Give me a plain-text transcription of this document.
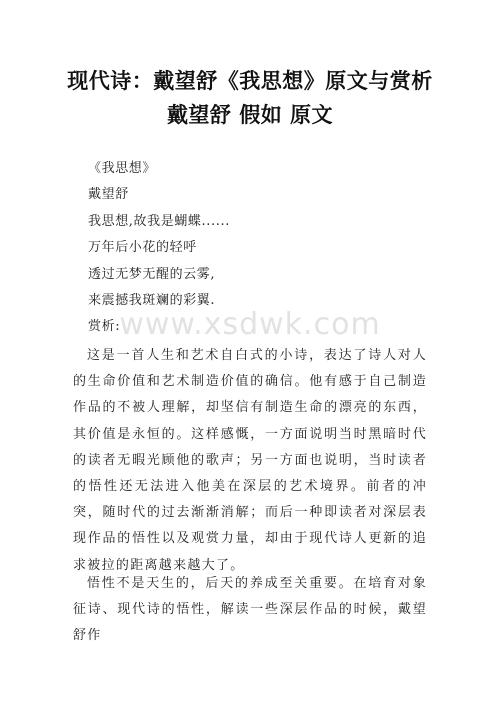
现代诗：戴望舒《我思想》原文与赏析 戴望舒 假如 原文
《我思想》
戴望舒
我思想,故我是蝴蝶......
万年后小花的轻呼
透过无梦无醒的云雾,
来震撼我斑斓的彩翼.
赏析:

这是一首人生和艺术自白式的小诗，表达了诗人对人的生命价值和艺术制造价值的确信。他有感于自己制造作品的不被人理解，却坚信有制造生命的漂亮的东西，其价值是永恒的。这样感慨，一方面说明当时黑暗时代的读者无暇光顾他的歌声；另一方面也说明，当时读者的悟性还无法进入他美在深层的艺术境界。前者的冲突，随时代的过去渐渐消解；而后一种即读者对深层表现作品的悟性以及观赏力量，却由于现代诗人更新的追求被拉的距离越来越大了。

悟性不是天生的，后天的养成至关重要。在培育对象征诗、现代诗的悟性，解读一些深层作品的时候，戴望舒作

www.xsdwk.com
